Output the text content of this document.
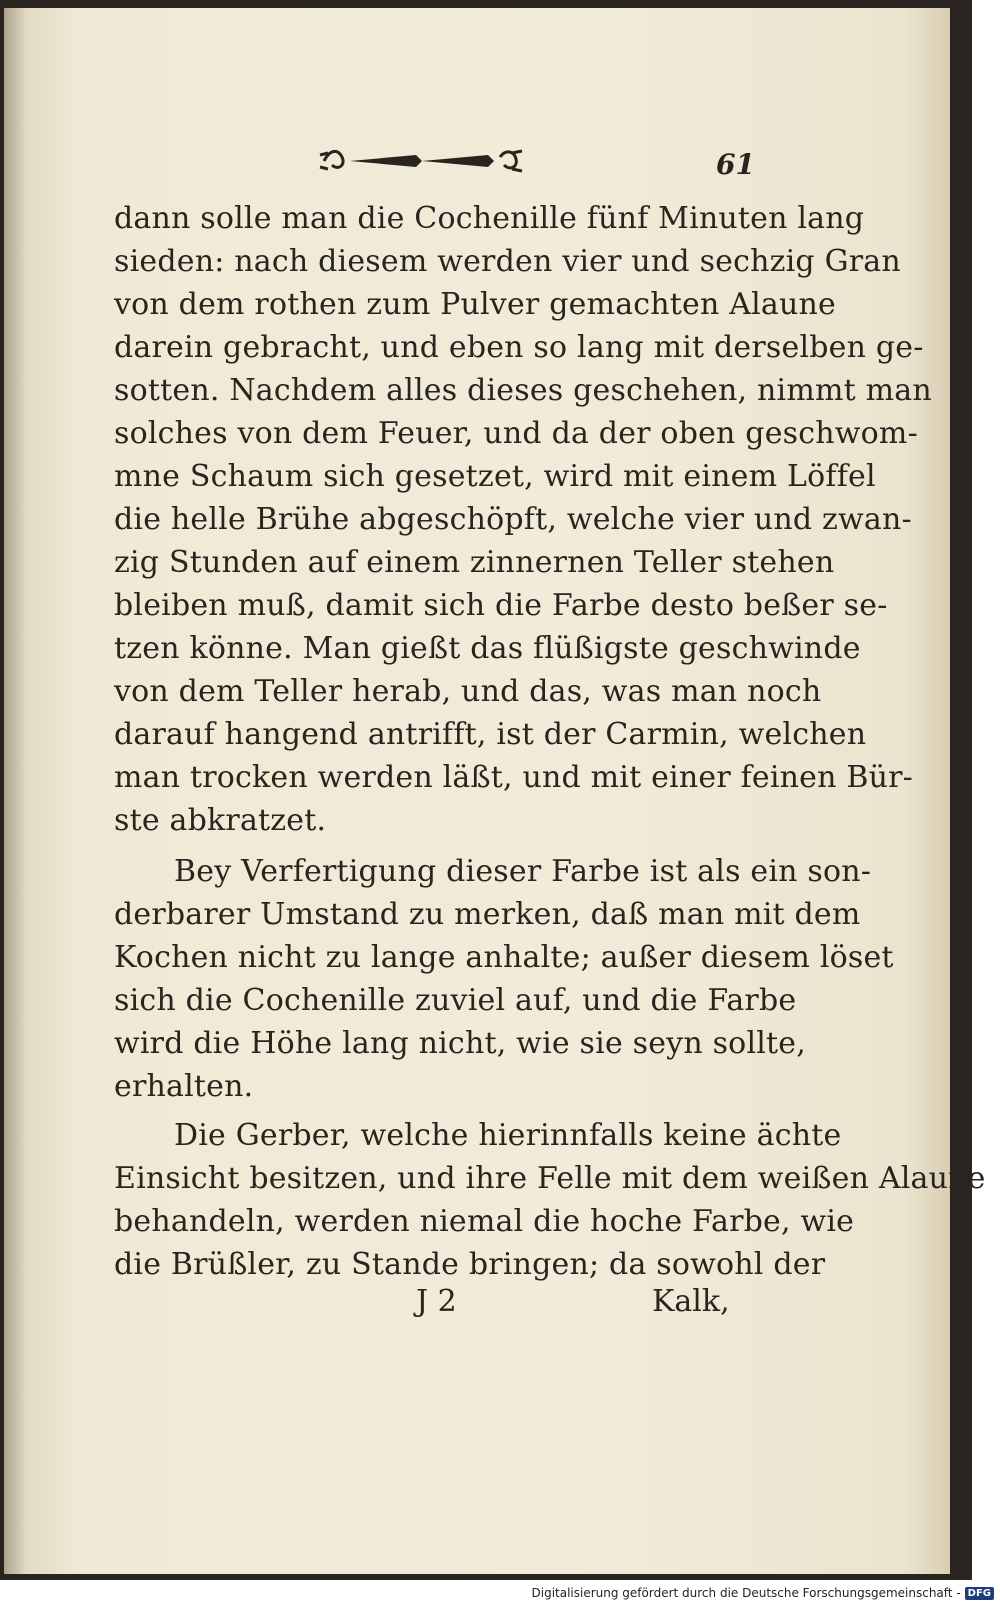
61
dann solle man die Cochenille fünf Minuten lang
sieden: nach diesem werden vier und sechzig Gran
von dem rothen zum Pulver gemachten Alaune
darein gebracht, und eben so lang mit derselben ge-
sotten. Nachdem alles dieses geschehen, nimmt man
solches von dem Feuer, und da der oben geschwom-
mne Schaum sich gesetzet, wird mit einem Löffel
die helle Brühe abgeschöpft, welche vier und zwan-
zig Stunden auf einem zinnernen Teller stehen
bleiben muß, damit sich die Farbe desto beßer se-
tzen könne. Man gießt das flüßigste geschwinde
von dem Teller herab, und das, was man noch
darauf hangend antrifft, ist der Carmin, welchen
man trocken werden läßt, und mit einer feinen Bür-
ste abkratzet.
Bey Verfertigung dieser Farbe ist als ein son-
derbarer Umstand zu merken, daß man mit dem
Kochen nicht zu lange anhalte; außer diesem löset
sich die Cochenille zuviel auf, und die Farbe
wird die Höhe lang nicht, wie sie seyn sollte,
erhalten.
Die Gerber, welche hierinnfalls keine ächte
Einsicht besitzen, und ihre Felle mit dem weißen Alaune
behandeln, werden niemal die hoche Farbe, wie
die Brüßler, zu Stande bringen; da sowohl der
J 2	Kalk,
Digitalisierung gefördert durch die Deutsche Forschungsgemeinschaft - DFG
